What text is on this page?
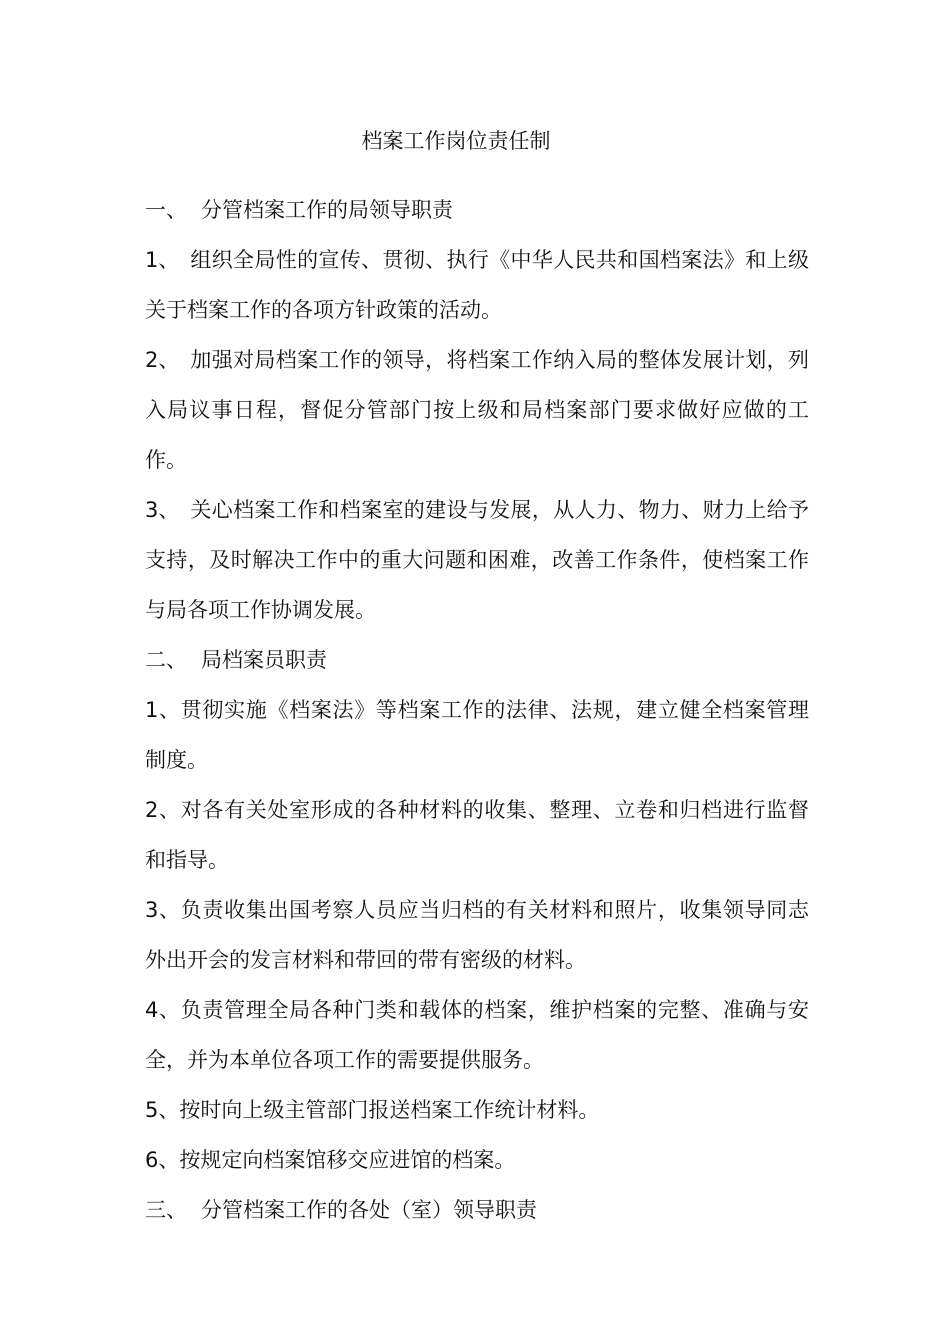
档案工作岗位责任制
一、 分管档案工作的局领导职责
1、 组织全局性的宣传、贯彻、执行《中华人民共和国档案法》和上级关于档案工作的各项方针政策的活动。
2、 加强对局档案工作的领导，将档案工作纳入局的整体发展计划，列入局议事日程，督促分管部门按上级和局档案部门要求做好应做的工作。
3、 关心档案工作和档案室的建设与发展，从人力、物力、财力上给予支持，及时解决工作中的重大问题和困难，改善工作条件，使档案工作与局各项工作协调发展。
二、 局档案员职责
1、贯彻实施《档案法》等档案工作的法律、法规，建立健全档案管理制度。
2、对各有关处室形成的各种材料的收集、整理、立卷和归档进行监督和指导。
3、负责收集出国考察人员应当归档的有关材料和照片，收集领导同志外出开会的发言材料和带回的带有密级的材料。
4、负责管理全局各种门类和载体的档案，维护档案的完整、准确与安全，并为本单位各项工作的需要提供服务。
5、按时向上级主管部门报送档案工作统计材料。
6、按规定向档案馆移交应进馆的档案。
三、 分管档案工作的各处（室）领导职责
